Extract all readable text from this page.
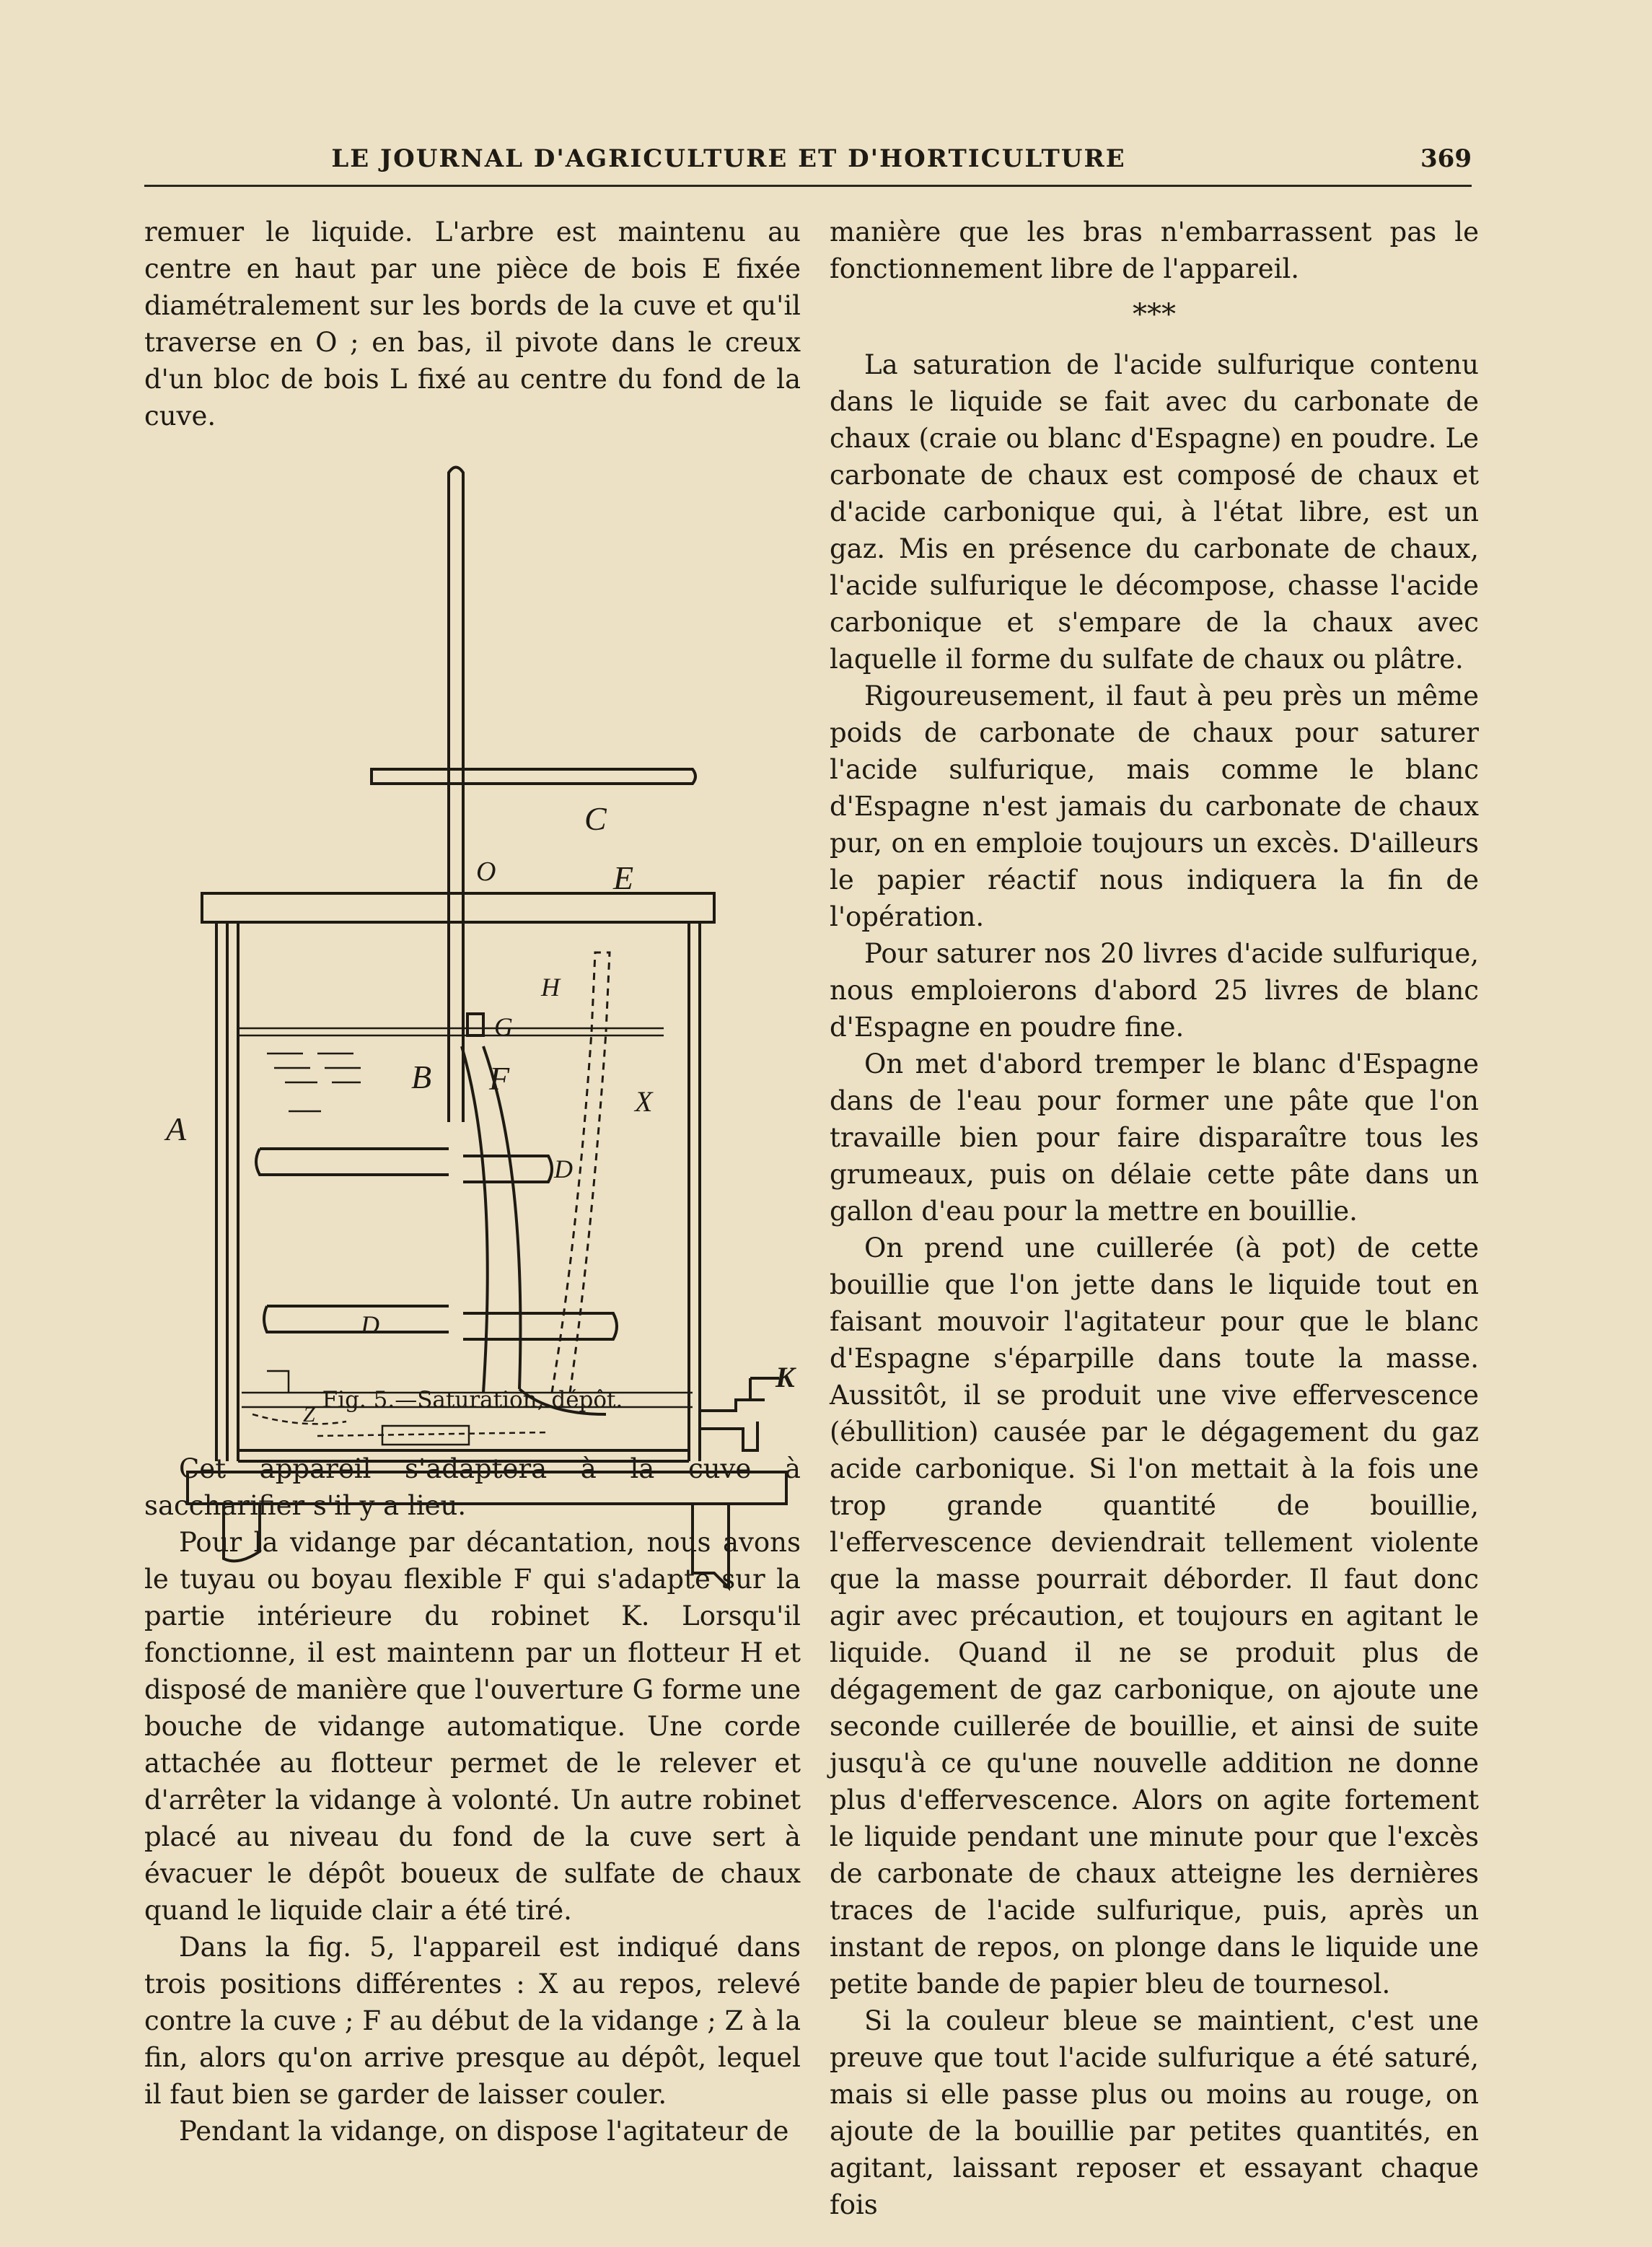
LE JOURNAL D'AGRICULTURE ET D'HORTICULTURE	369

remuer le liquide. L'arbre est maintenu au centre en haut par une pièce de bois E fixée diamétralement sur les bords de la cuve et qu'il traverse en O ; en bas, il pivote dans le creux d'un bloc de bois L fixé au centre du fond de la cuve.

A
B
C
D
D
E
F
G
H
K
O
X
Z
Fig. 5.—Saturation, dépôt.

Cet appareil s'adaptera à la cuve à saccharifier s'il y a lieu.

Pour la vidange par décantation, nous avons le tuyau ou boyau flexible F qui s'adapte sur la partie intérieure du robinet K. Lorsqu'il fonctionne, il est maintenn par un flotteur H et disposé de manière que l'ouverture G forme une bouche de vidange automatique. Une corde attachée au flotteur permet de le relever et d'arrêter la vidange à volonté. Un autre robinet placé au niveau du fond de la cuve sert à évacuer le dépôt boueux de sulfate de chaux quand le liquide clair a été tiré.

Dans la fig. 5, l'appareil est indiqué dans trois positions différentes : X au repos, relevé contre la cuve ; F au début de la vidange ; Z à la fin, alors qu'on arrive presque au dépôt, lequel il faut bien se garder de laisser couler.

Pendant la vidange, on dispose l'agitateur de

manière que les bras n'embarrassent pas le fonctionnement libre de l'appareil.

***

La saturation de l'acide sulfurique contenu dans le liquide se fait avec du carbonate de chaux (craie ou blanc d'Espagne) en poudre. Le carbonate de chaux est composé de chaux et d'acide carbonique qui, à l'état libre, est un gaz. Mis en présence du carbonate de chaux, l'acide sulfurique le décompose, chasse l'acide carbonique et s'empare de la chaux avec laquelle il forme du sulfate de chaux ou plâtre.

Rigoureusement, il faut à peu près un même poids de carbonate de chaux pour saturer l'acide sulfurique, mais comme le blanc d'Espagne n'est jamais du carbonate de chaux pur, on en emploie toujours un excès. D'ailleurs le papier réactif nous indiquera la fin de l'opération.

Pour saturer nos 20 livres d'acide sulfurique, nous emploierons d'abord 25 livres de blanc d'Espagne en poudre fine.

On met d'abord tremper le blanc d'Espagne dans de l'eau pour former une pâte que l'on travaille bien pour faire disparaître tous les grumeaux, puis on délaie cette pâte dans un gallon d'eau pour la mettre en bouillie.

On prend une cuillerée (à pot) de cette bouillie que l'on jette dans le liquide tout en faisant mouvoir l'agitateur pour que le blanc d'Espagne s'éparpille dans toute la masse. Aussitôt, il se produit une vive effervescence (ébullition) causée par le dégagement du gaz acide carbonique. Si l'on mettait à la fois une trop grande quantité de bouillie, l'effervescence deviendrait tellement violente que la masse pourrait déborder. Il faut donc agir avec précaution, et toujours en agitant le liquide. Quand il ne se produit plus de dégagement de gaz carbonique, on ajoute une seconde cuillerée de bouillie, et ainsi de suite jusqu'à ce qu'une nouvelle addition ne donne plus d'effervescence. Alors on agite fortement le liquide pendant une minute pour que l'excès de carbonate de chaux atteigne les dernières traces de l'acide sulfurique, puis, après un instant de repos, on plonge dans le liquide une petite bande de papier bleu de tournesol.

Si la couleur bleue se maintient, c'est une preuve que tout l'acide sulfurique a été saturé, mais si elle passe plus ou moins au rouge, on ajoute de la bouillie par petites quantités, en agitant, laissant reposer et essayant chaque fois
